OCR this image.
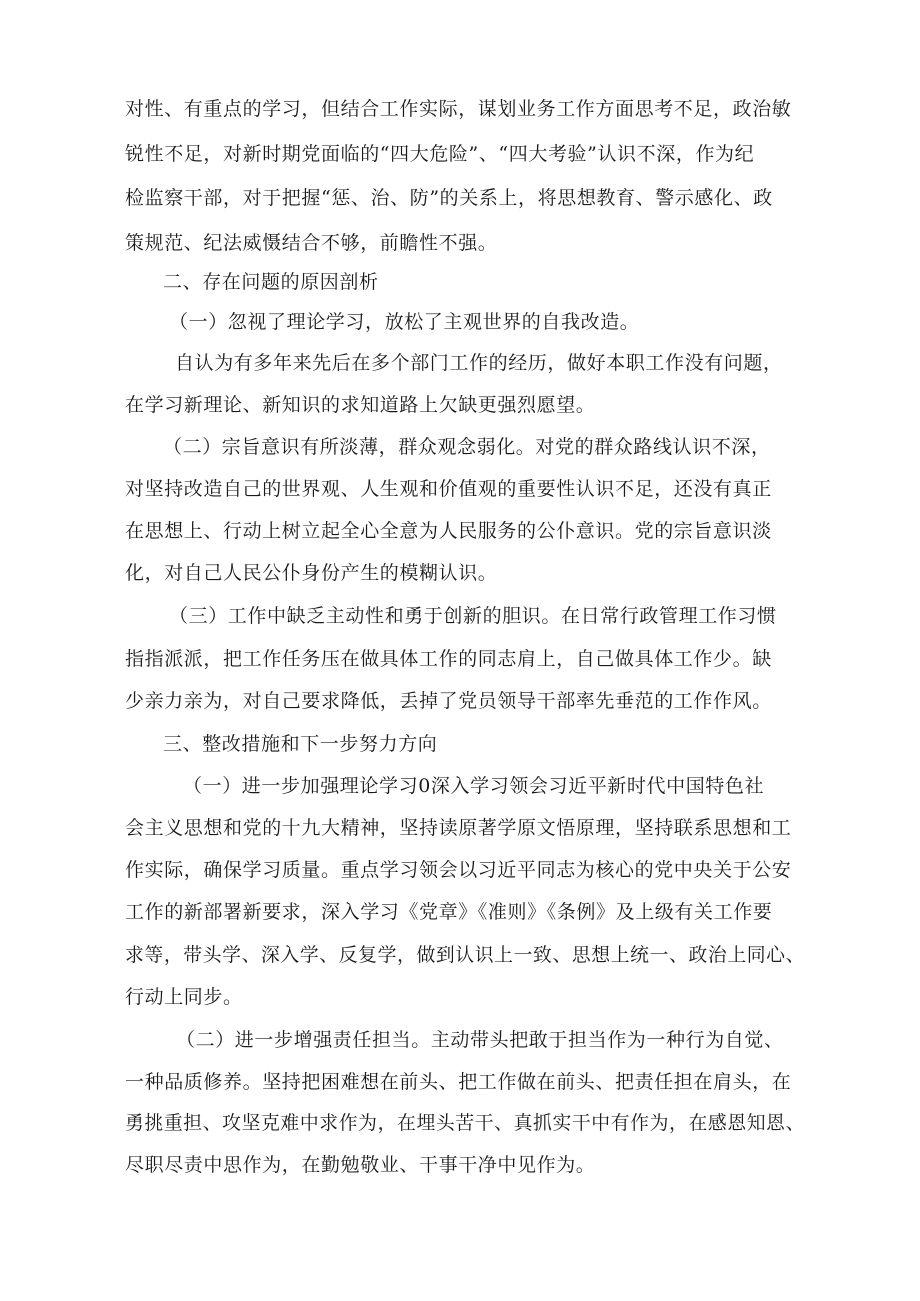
对性、有重点的学习，但结合工作实际，谋划业务工作方面思考不足，政治敏
锐性不足，对新时期党面临的“四大危险”、“四大考验”认识不深，作为纪
检监察干部，对于把握“惩、治、防”的关系上，将思想教育、警示感化、政
策规范、纪法威慑结合不够，前瞻性不强。
二、存在问题的原因剖析
（一）忽视了理论学习，放松了主观世界的自我改造。
自认为有多年来先后在多个部门工作的经历，做好本职工作没有问题，
在学习新理论、新知识的求知道路上欠缺更强烈愿望。
（二）宗旨意识有所淡薄，群众观念弱化。对党的群众路线认识不深，
对坚持改造自己的世界观、人生观和价值观的重要性认识不足，还没有真正
在思想上、行动上树立起全心全意为人民服务的公仆意识。党的宗旨意识淡
化，对自己人民公仆身份产生的模糊认识。
（三）工作中缺乏主动性和勇于创新的胆识。在日常行政管理工作习惯
指指派派，把工作任务压在做具体工作的同志肩上，自己做具体工作少。缺
少亲力亲为，对自己要求降低，丢掉了党员领导干部率先垂范的工作作风。
三、整改措施和下一步努力方向
（一）进一步加强理论学习0深入学习领会习近平新时代中国特色社
会主义思想和党的十九大精神，坚持读原著学原文悟原理，坚持联系思想和工
作实际，确保学习质量。重点学习领会以习近平同志为核心的党中央关于公安
工作的新部署新要求，深入学习《党章》《准则》《条例》及上级有关工作要
求等，带头学、深入学、反复学，做到认识上一致、思想上统一、政治上同心、
行动上同步。
（二）进一步增强责任担当。主动带头把敢于担当作为一种行为自觉、
一种品质修养。坚持把困难想在前头、把工作做在前头、把责任担在肩头，在
勇挑重担、攻坚克难中求作为，在埋头苦干、真抓实干中有作为，在感恩知恩、
尽职尽责中思作为，在勤勉敬业、干事干净中见作为。
